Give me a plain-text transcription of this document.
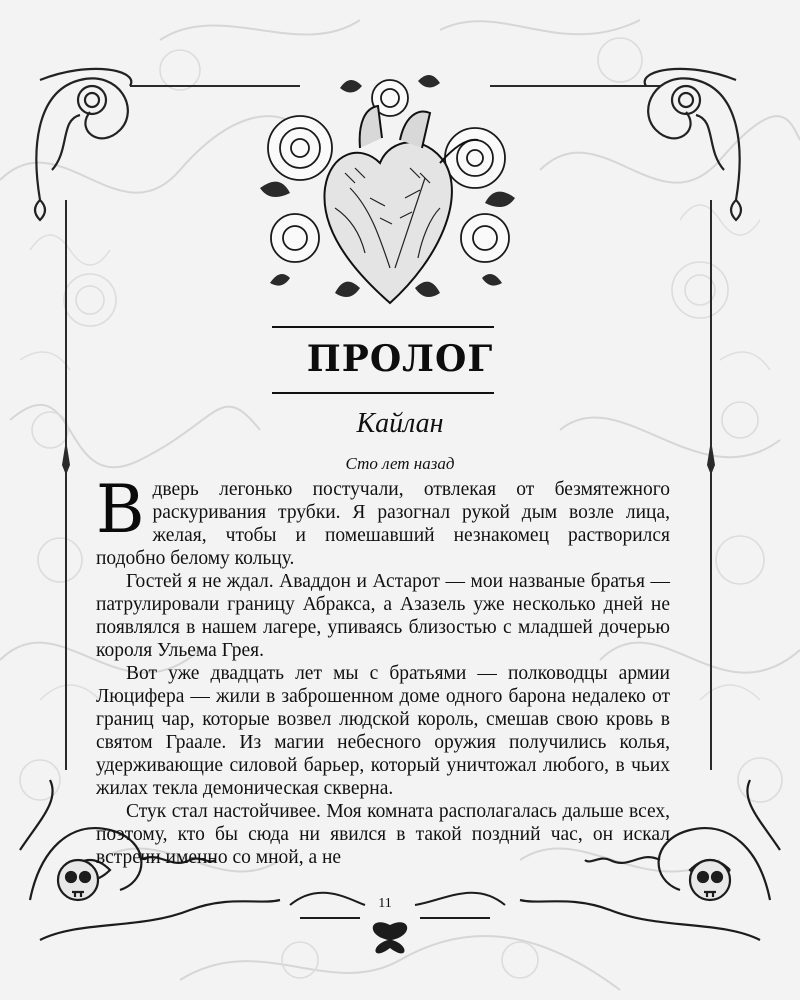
ПРОЛОГ
Кайлан
Сто лет назад

Вдверь легонько постучали, отвлекая от безмятежного раскуривания трубки. Я разогнал рукой дым возле лица, желая, чтобы и помешавший незнакомец растворился подобно белому кольцу.

Гостей я не ждал. Аваддон и Астарот — мои названые братья — патрулировали границу Абракса, а Азазель уже несколько дней не появлялся в нашем лагере, упиваясь близостью с младшей дочерью короля Ульема Грея.

Вот уже двадцать лет мы с братьями — полководцы армии Люцифера — жили в заброшенном доме одного барона недалеко от границ чар, которые возвел людской король, смешав свою кровь в святом Граале. Из магии небесного оружия получились колья, удерживающие силовой барьер, который уничтожал любого, в чьих жилах текла демоническая скверна.

Стук стал настойчивее. Моя комната располагалась дальше всех, поэтому, кто бы сюда ни явился в такой поздний час, он искал встречи именно со мной, а не

11
